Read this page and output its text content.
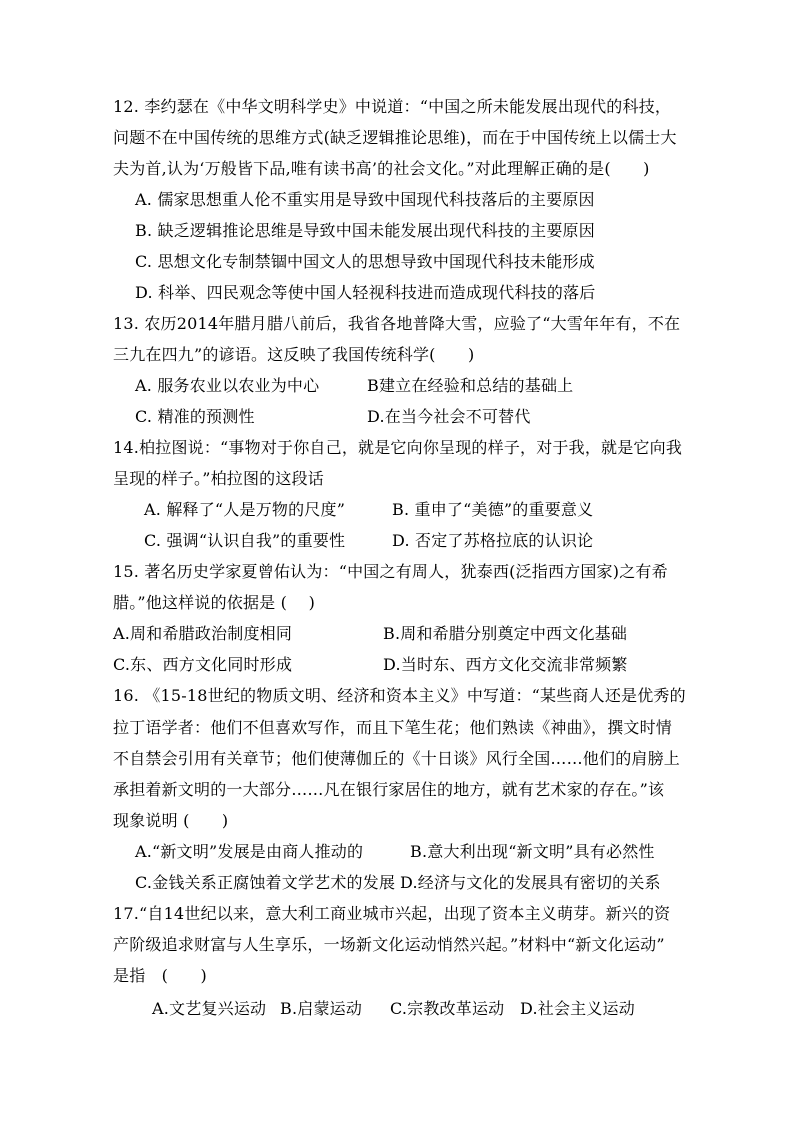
12. 李约瑟在《中华文明科学史》中说道：“中国之所未能发展出现代的科技，
问题不在中国传统的思维方式(缺乏逻辑推论思维)，而在于中国传统上以儒士大
夫为首,认为‘万般皆下品,唯有读书高’的社会文化。”对此理解正确的是(　　)
A. 儒家思想重人伦不重实用是导致中国现代科技落后的主要原因
B. 缺乏逻辑推论思维是导致中国未能发展出现代科技的主要原因
C. 思想文化专制禁锢中国文人的思想导致中国现代科技未能形成
D. 科举、四民观念等使中国人轻视科技进而造成现代科技的落后
13. 农历2014年腊月腊八前后，我省各地普降大雪，应验了“大雪年年有，不在
三九在四九”的谚语。这反映了我国传统科学(　　)
A. 服务农业以农业为中心	B建立在经验和总结的基础上
C. 精准的预测性	D.在当今社会不可替代
14.柏拉图说：“事物对于你自己，就是它向你呈现的样子，对于我，就是它向我
呈现的样子。”柏拉图的这段话
A. 解释了“人是万物的尺度”	B. 重申了“美德”的重要意义
C. 强调“认识自我”的重要性	D. 否定了苏格拉底的认识论
15. 著名历史学家夏曾佑认为：“中国之有周人，犹泰西(泛指西方国家)之有希
腊。”他这样说的依据是 (　 )
A.周和希腊政治制度相同	B.周和希腊分别奠定中西文化基础
C.东、西方文化同时形成	D.当时东、西方文化交流非常频繁
16. 《15-18世纪的物质文明、经济和资本主义》中写道：“某些商人还是优秀的
拉丁语学者：他们不但喜欢写作，而且下笔生花；他们熟读《神曲》，撰文时情
不自禁会引用有关章节；他们使薄伽丘的《十日谈》风行全国……他们的肩膀上
承担着新文明的一大部分……凡在银行家居住的地方，就有艺术家的存在。”该
现象说明 (　　)
A.“新文明”发展是由商人推动的	B.意大利出现“新文明”具有必然性
C.金钱关系正腐蚀着文学艺术的发展 D.经济与文化的发展具有密切的关系
17.“自14世纪以来，意大利工商业城市兴起，出现了资本主义萌芽。新兴的资
产阶级追求财富与人生享乐，一场新文化运动悄然兴起。”材料中“新文化运动”
是指　(　　)
A.文艺复兴运动 B.启蒙运动 C.宗教改革运动 D.社会主义运动
